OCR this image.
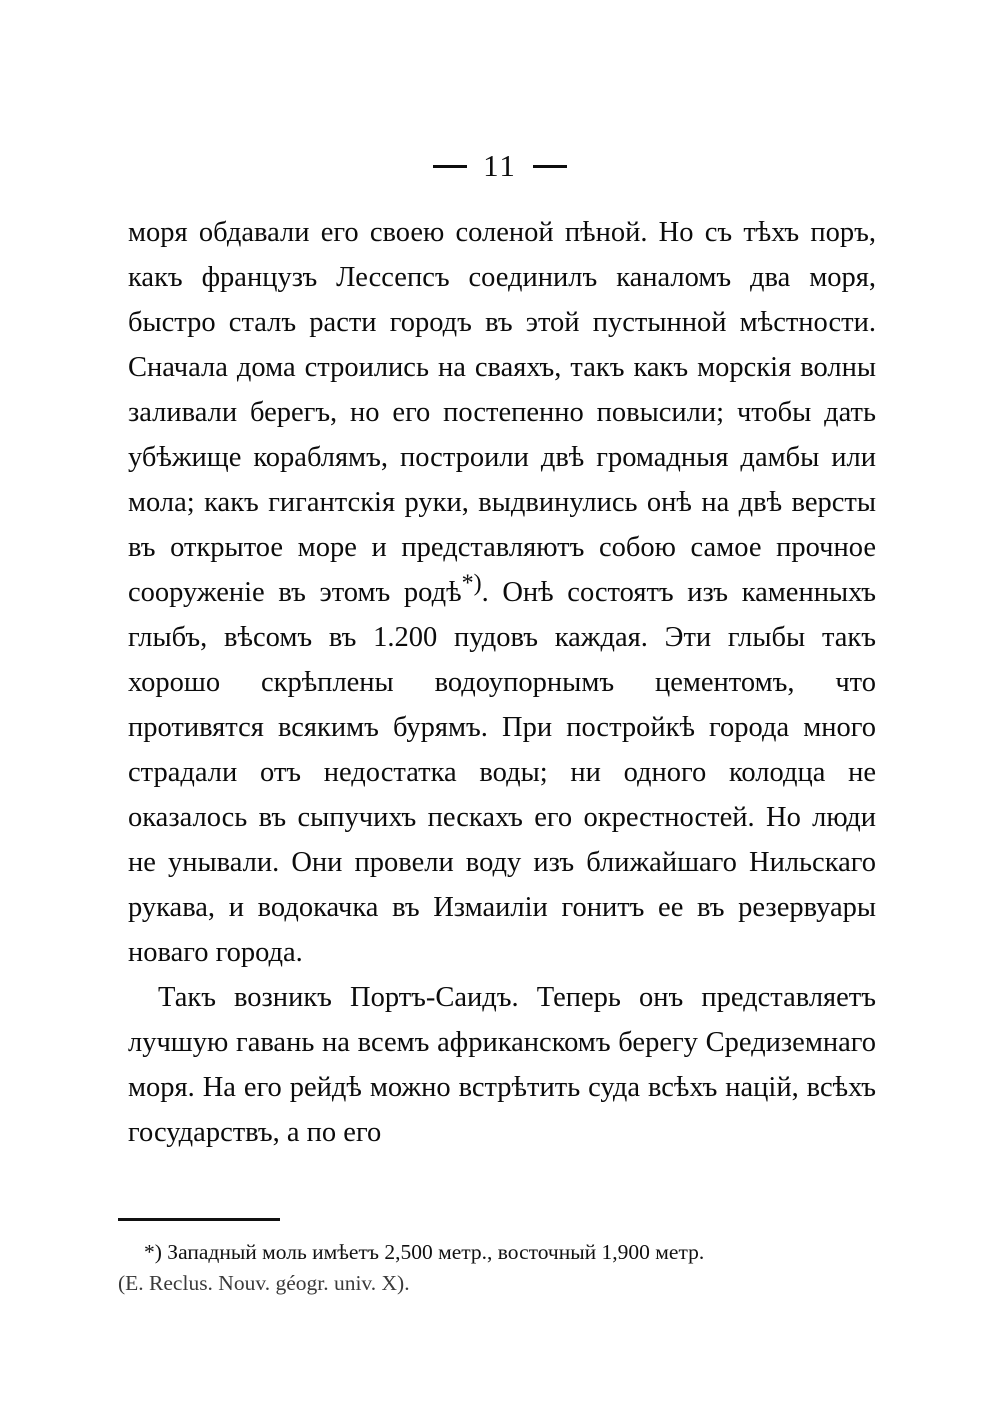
11

моря обдавали его своею соленой пѣной. Но съ тѣхъ поръ, какъ французъ Лессепсъ соединилъ каналомъ два моря, быстро сталъ расти городъ въ этой пустынной мѣстности. Сначала дома строились на сваяхъ, такъ какъ морскія волны заливали берегъ, но его постепенно повысили; чтобы дать убѣжище кораблямъ, построили двѣ громадныя дамбы или мола; какъ гигантскія руки, выдвинулись онѣ на двѣ версты въ открытое море и представляютъ собою самое прочное сооруженіе въ этомъ родѣ*). Онѣ состоятъ изъ каменныхъ глыбъ, вѣсомъ въ 1.200 пудовъ каждая. Эти глыбы такъ хорошо скрѣплены водоупорнымъ цементомъ, что противятся всякимъ бурямъ. При постройкѣ города много страдали отъ недостатка воды; ни одного колодца не оказалось въ сыпучихъ пескахъ его окрестностей. Но люди не унывали. Они провели воду изъ ближайшаго Нильскаго рукава, и водокачка въ Измаиліи гонитъ ее въ резервуары новаго города.

Такъ возникъ Портъ-Саидъ. Теперь онъ представляетъ лучшую гавань на всемъ африканскомъ берегу Средиземнаго моря. На его рейдѣ можно встрѣтить суда всѣхъ націй, всѣхъ государствъ, а по его

*) Западный моль имѣетъ 2,500 метр., восточный 1,900 метр.

(E. Reclus. Nouv. géogr. univ. X).
